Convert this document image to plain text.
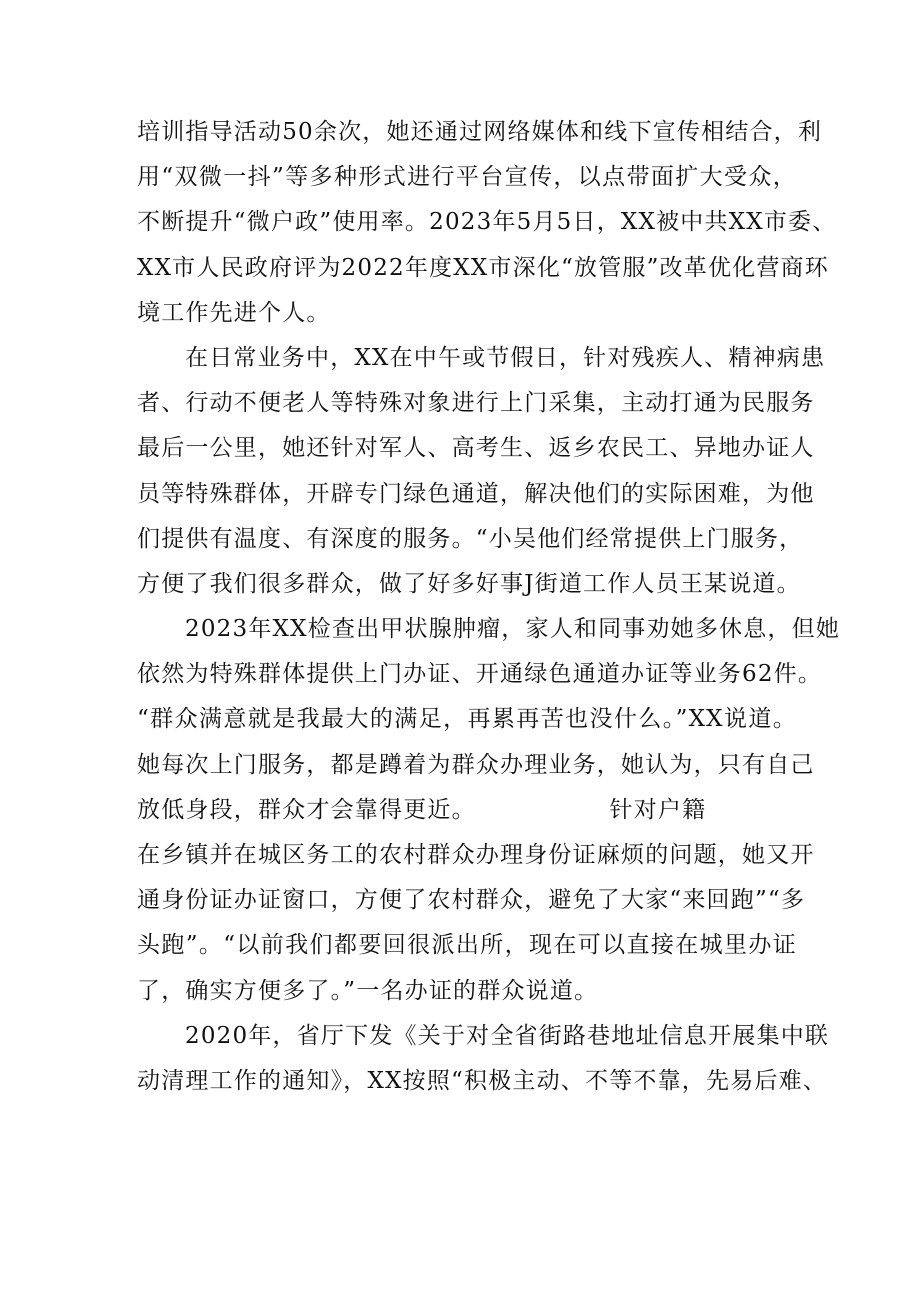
培训指导活动50余次，她还通过网络媒体和线下宣传相结合，利
用“双微一抖”等多种形式进行平台宣传，以点带面扩大受众，
不断提升“微户政”使用率。2023年5月5日，XX被中共XX市委、
XX市人民政府评为2022年度XX市深化“放管服”改革优化营商环
境工作先进个人。
在日常业务中，XX在中午或节假日，针对残疾人、精神病患
者、行动不便老人等特殊对象进行上门采集，主动打通为民服务
最后一公里，她还针对军人、高考生、返乡农民工、异地办证人
员等特殊群体，开辟专门绿色通道，解决他们的实际困难，为他
们提供有温度、有深度的服务。“小吴他们经常提供上门服务，
方便了我们很多群众，做了好多好事J街道工作人员王某说道。
2023年XX检查出甲状腺肿瘤，家人和同事劝她多休息，但她
依然为特殊群体提供上门办证、开通绿色通道办证等业务62件。
“群众满意就是我最大的满足，再累再苦也没什么。”XX说道。
她每次上门服务，都是蹲着为群众办理业务，她认为，只有自己
放低身段，群众才会靠得更近。　　　　　　针对户籍
在乡镇并在城区务工的农村群众办理身份证麻烦的问题，她又开
通身份证办证窗口，方便了农村群众，避免了大家“来回跑”“多
头跑”。“以前我们都要回很派出所，现在可以直接在城里办证
了，确实方便多了。”一名办证的群众说道。
2020年，省厅下发《关于对全省街路巷地址信息开展集中联
动清理工作的通知》，XX按照“积极主动、不等不靠，先易后难、
